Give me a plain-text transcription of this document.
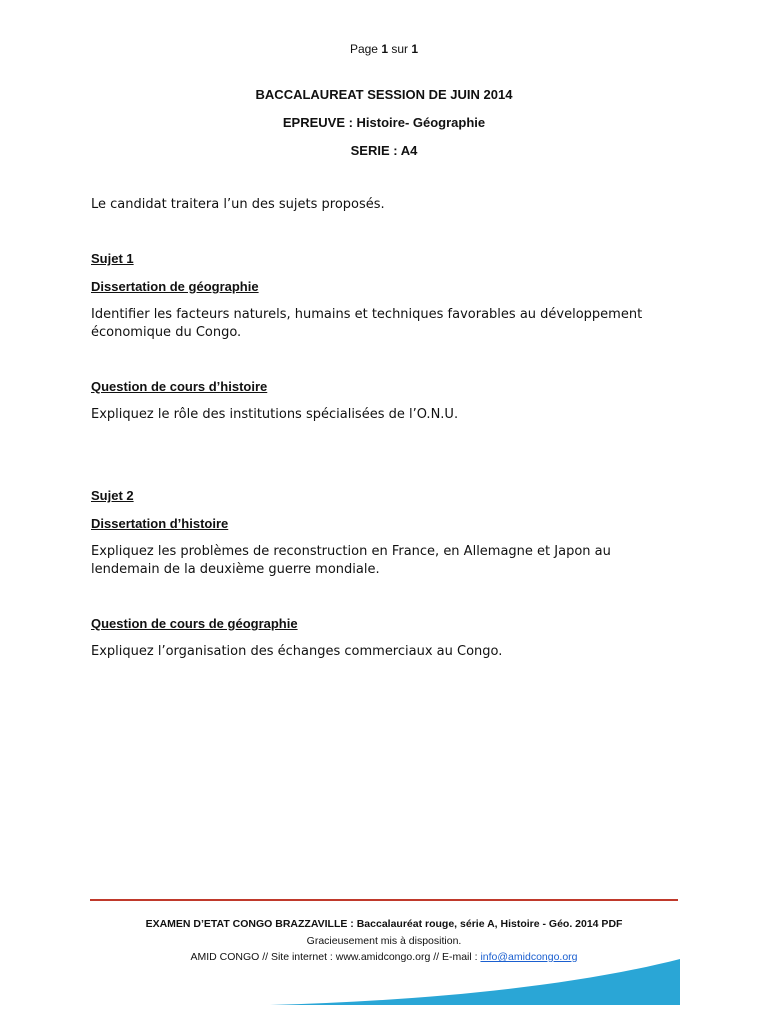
Page 1 sur 1
BACCALAUREAT SESSION DE JUIN 2014
EPREUVE : Histoire- Géographie
SERIE : A4
Le candidat traitera l’un des sujets proposés.
Sujet 1
Dissertation de géographie
Identifier les facteurs naturels, humains et techniques favorables au développement
économique du Congo.
Question de cours d’histoire
Expliquez le rôle des institutions spécialisées de l’O.N.U.
Sujet 2
Dissertation d’histoire
Expliquez les problèmes de reconstruction en France, en Allemagne et Japon au
lendemain de la deuxième guerre mondiale.
Question de cours de géographie
Expliquez l’organisation des échanges commerciaux au Congo.
EXAMEN D’ETAT CONGO BRAZZAVILLE : Baccalauréat rouge, série A, Histoire - Géo. 2014 PDF
Gracieusement mis à disposition.
AMID CONGO // Site internet : www.amidcongo.org // E-mail : info@amidcongo.org
